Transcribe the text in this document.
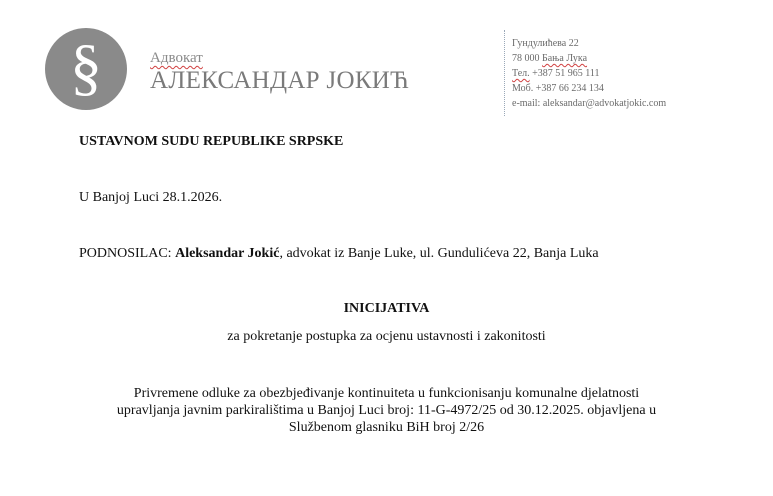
§	Адвокат
АЛЕКСАНДАР ЈОКИЋ
Гундулићева 22
78 000 Бања Лука
Тел. +387 51 965 111
Моб. +387 66 234 134
e-mail: aleksandar@advokatjokic.com
USTAVNOM SUDU REPUBLIKE SRPSKE
U Banjoj Luci 28.1.2026.
PODNOSILAC: Aleksandar Jokić, advokat iz Banje Luke, ul. Gundulićeva 22, Banja Luka
INICIJATIVA
za pokretanje postupka za ocjenu ustavnosti i zakonitosti
Privremene odluke za obezbjeđivanje kontinuiteta u funkcionisanju komunalne djelatnosti
upravljanja javnim parkiralištima u Banjoj Luci broj: 11-G-4972/25 od 30.12.2025. objavljena u
Službenom glasniku BiH broj 2/26
